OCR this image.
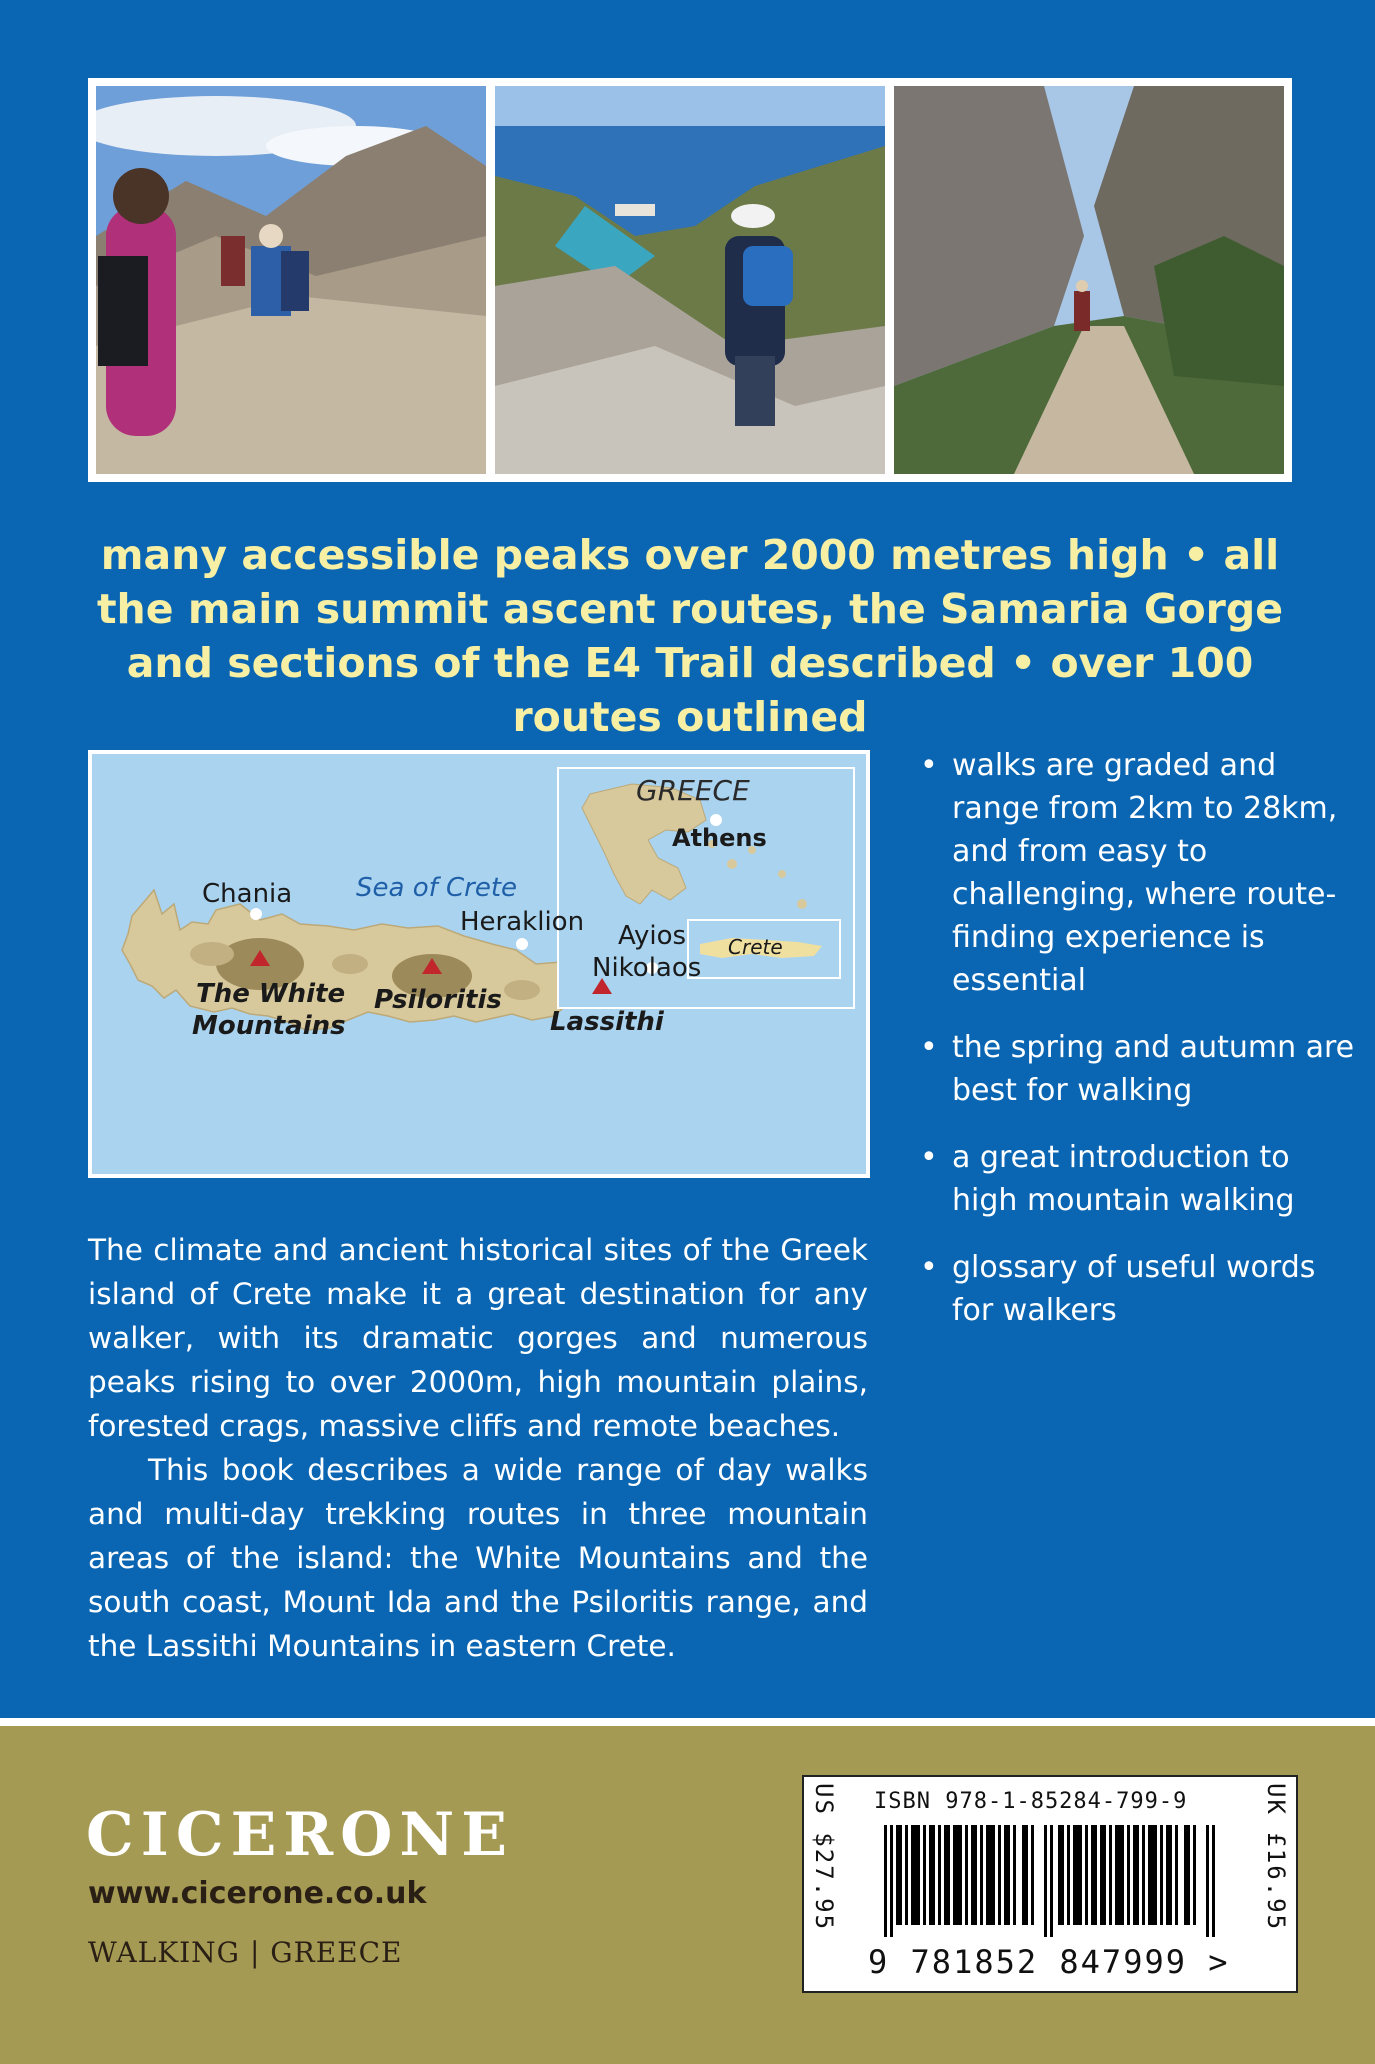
many accessible peaks over 2000 metres high • all the main summit ascent routes, the Samaria Gorge and sections of the E4 Trail described • over 100 routes outlined
GREECE
Athens
Crete
Sea of Crete
Chania
Heraklion Ayios
Nikolaos
The White
Mountains
Psiloritis
Lassithi
• walks are graded and range from 2km to 28km, and from easy to challenging, where route-finding experience is essential
• the spring and autumn are best for walking
• a great introduction to high mountain walking
• glossary of useful words for walkers

The climate and ancient historical sites of the Greek island of Crete make it a great destination for any walker, with its dramatic gorges and numerous peaks rising to over 2000m, high mountain plains, forested crags, massive cliffs and remote beaches.

This book describes a wide range of day walks and multi-day trekking routes in three mountain areas of the island: the White Mountains and the south coast, Mount Ida and the Psiloritis range, and the Lassithi Mountains in eastern Crete.

CICERONE
www.cicerone.co.uk
WALKING | GREECE
US $27.95 ISBN 978-1-85284-799-9
9 781852 847999 >
UK £16.95
